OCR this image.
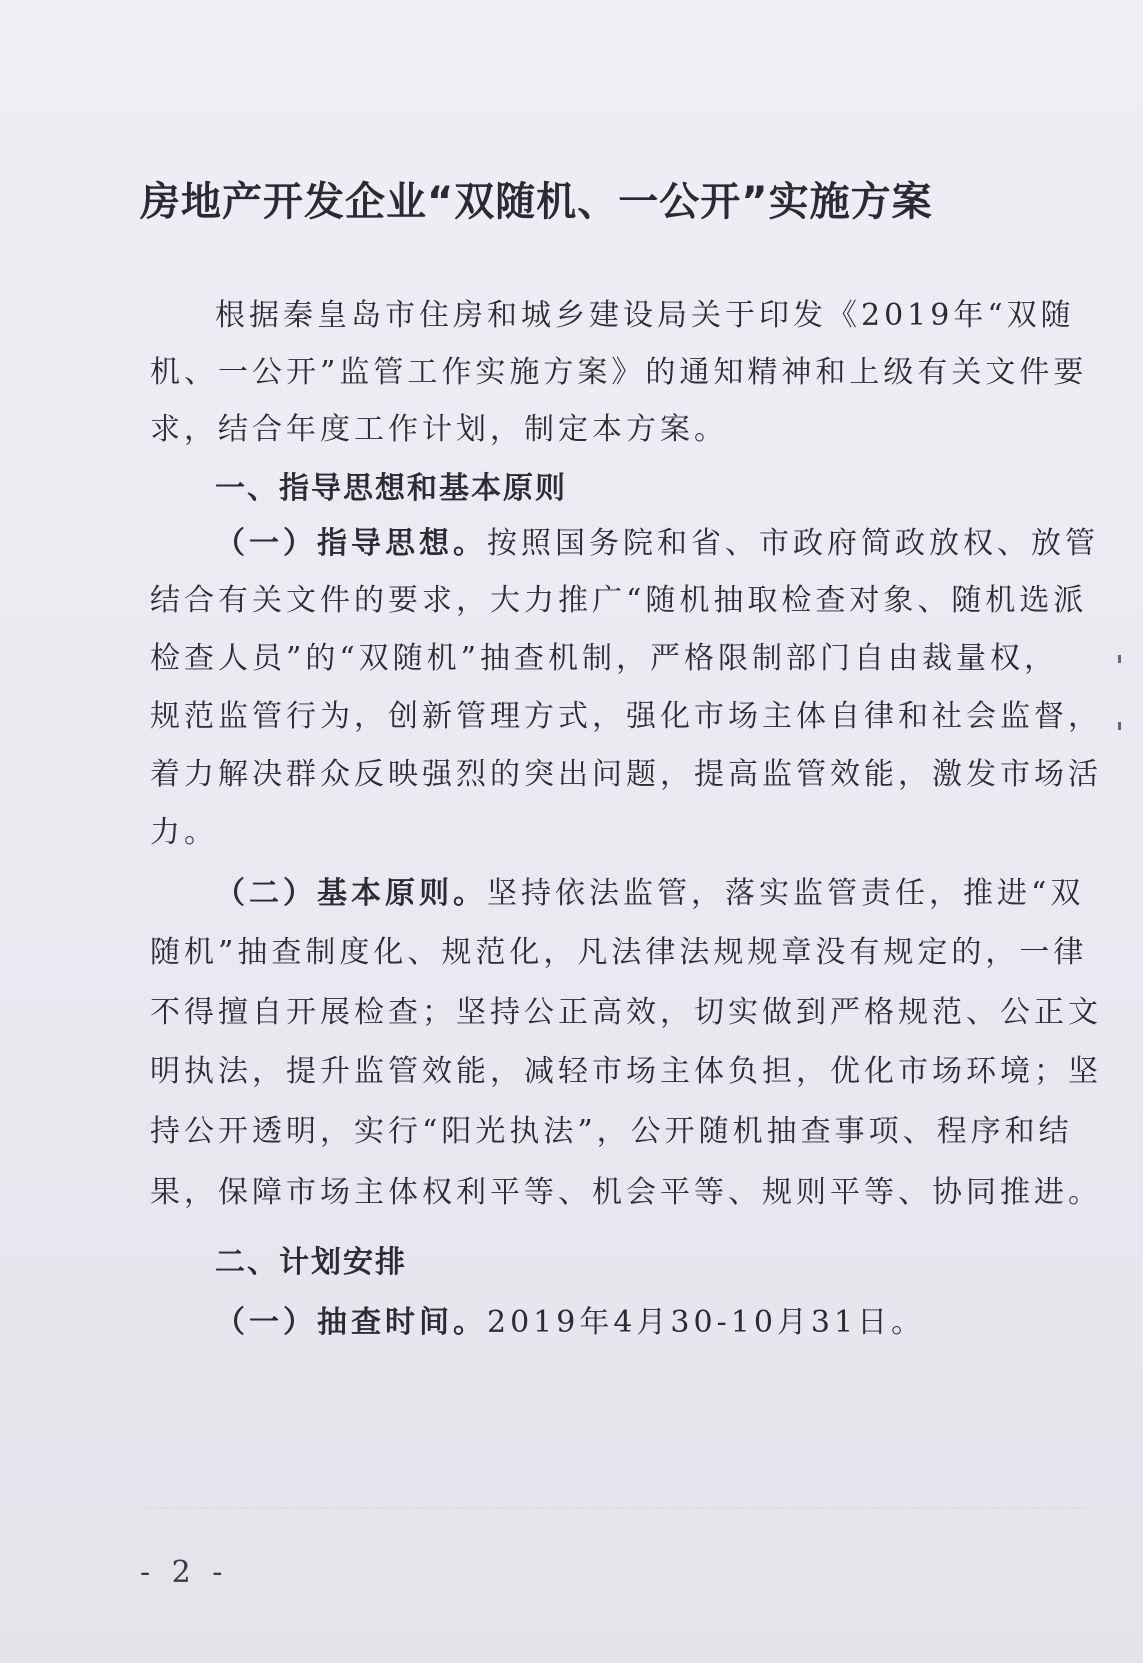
房地产开发企业“双随机、一公开”实施方案
根据秦皇岛市住房和城乡建设局关于印发《2019年“双随
机、一公开”监管工作实施方案》的通知精神和上级有关文件要
求，结合年度工作计划，制定本方案。
一、指导思想和基本原则
（一）指导思想。按照国务院和省、市政府简政放权、放管
结合有关文件的要求，大力推广“随机抽取检查对象、随机选派
检查人员”的“双随机”抽查机制，严格限制部门自由裁量权，
规范监管行为，创新管理方式，强化市场主体自律和社会监督，
着力解决群众反映强烈的突出问题，提高监管效能，激发市场活
力。
（二）基本原则。坚持依法监管，落实监管责任，推进“双
随机”抽查制度化、规范化，凡法律法规规章没有规定的，一律
不得擅自开展检查；坚持公正高效，切实做到严格规范、公正文
明执法，提升监管效能，减轻市场主体负担，优化市场环境；坚
持公开透明，实行“阳光执法”，公开随机抽查事项、程序和结
果，保障市场主体权利平等、机会平等、规则平等、协同推进。
二、计划安排
（一）抽查时间。2019年4月30-10月31日。
- 2 -
